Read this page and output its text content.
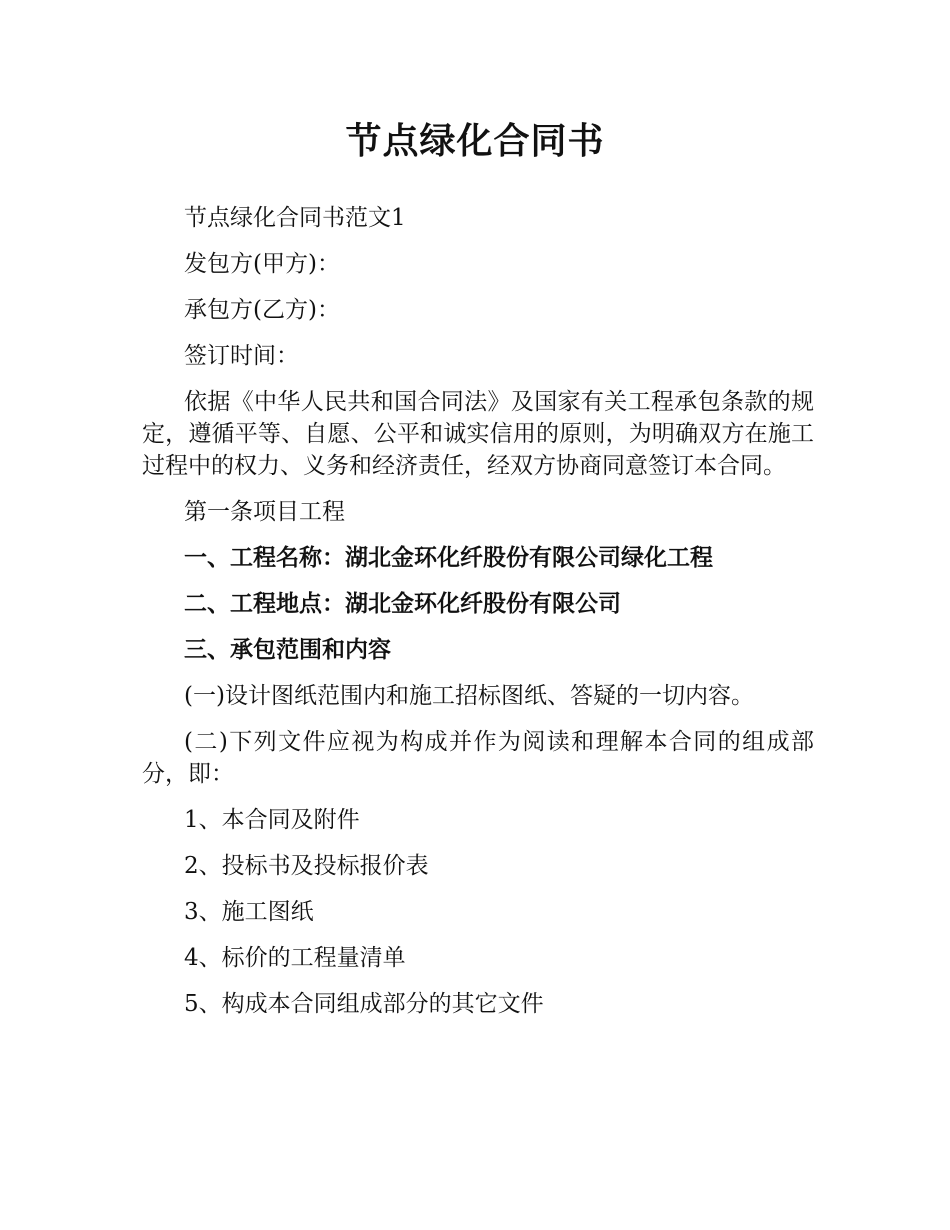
节点绿化合同书

节点绿化合同书范文1

发包方(甲方)：

承包方(乙方)：

签订时间：

依据《中华人民共和国合同法》及国家有关工程承包条款的规定，遵循平等、自愿、公平和诚实信用的原则，为明确双方在施工过程中的权力、义务和经济责任，经双方协商同意签订本合同。

第一条项目工程

一、工程名称：湖北金环化纤股份有限公司绿化工程

二、工程地点：湖北金环化纤股份有限公司

三、承包范围和内容

(一)设计图纸范围内和施工招标图纸、答疑的一切内容。

(二)下列文件应视为构成并作为阅读和理解本合同的组成部分，即：

1、本合同及附件

2、投标书及投标报价表

3、施工图纸

4、标价的工程量清单

5、构成本合同组成部分的其它文件
